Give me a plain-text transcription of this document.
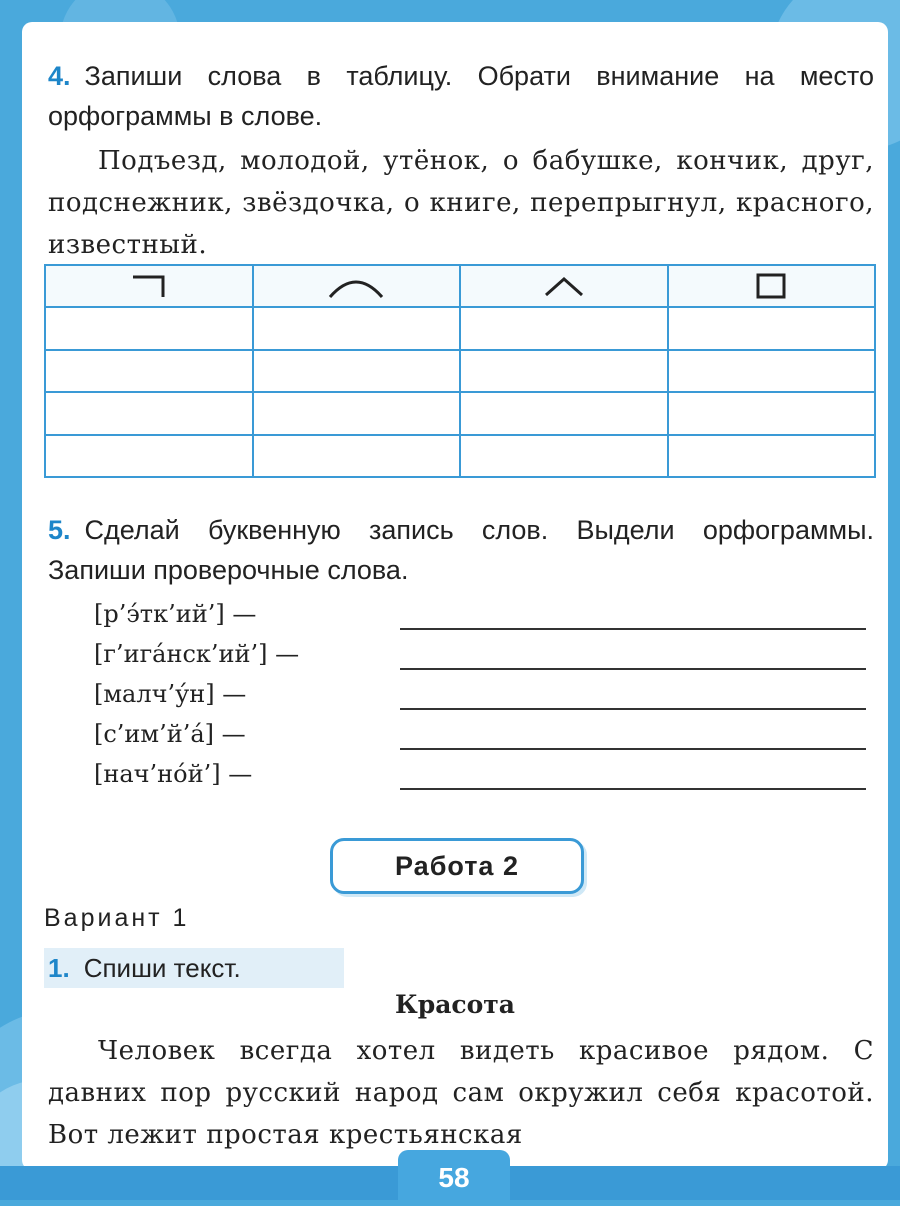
4. Запиши слова в таблицу. Обрати внимание на место орфограммы в слове.
Подъезд, молодой, утёнок, о бабушке, кончик, друг, подснежник, звёздочка, о книге, перепрыгнул, красного, известный.

5. Сделай буквенную запись слов. Выдели орфограммы. Запиши проверочные слова.
[р’э́тк’ий’] —
[г’ига́нск’ий’] —
[малч’у́н] —
[с’им’й’а́] —
[нач’но́й’] —
Работа 2
Вариант 1
1. Спиши текст.
Красота
Человек всегда хотел видеть красивое рядом. С давних пор русский народ сам окружил себя красотой. Вот лежит простая крестьянская
58
